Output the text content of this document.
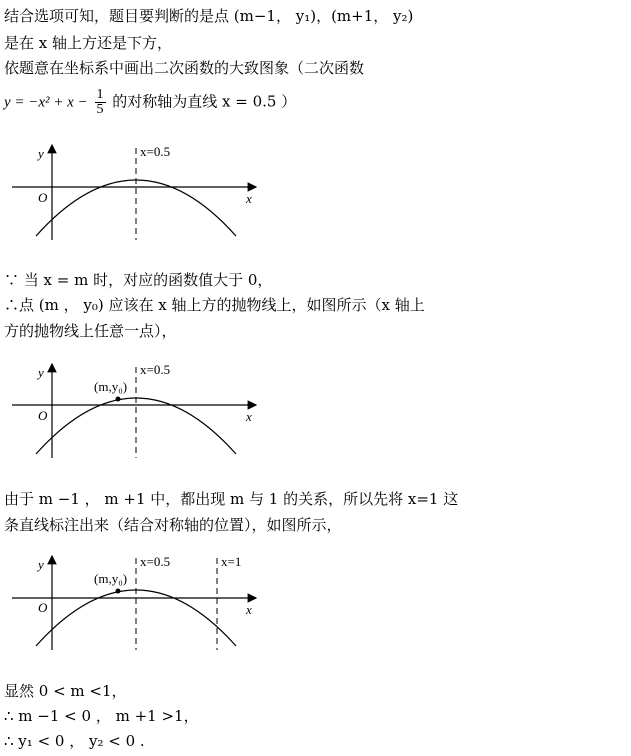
结合选项可知，题目要判断的是点 (m−1， y₁)，(m+1， y₂)
是在 x 轴上方还是下方，
依题意在坐标系中画出二次函数的大致图象（二次函数
$y = -x^2 + x - \frac{1}{5}$ 的对称轴为直线 x = 0.5 ）
y
x
O
x=0.5
y
x
O
x=0.5
(m,y₀)
y
x
O
x=0.5	x=1
(m,y₀)
∵ 当 x = m 时，对应的函数值大于 0，
∴点 (m ， y₀) 应该在 x 轴上方的抛物线上，如图所示（x 轴上
方的抛物线上任意一点），
由于 m −1 ， m +1 中，都出现 m 与 1 的关系，所以先将 x=1 这
条直线标注出来（结合对称轴的位置），如图所示，
显然 0 < m <1，
∴ m −1 < 0 ， m +1 >1，
∴ y₁ < 0 ， y₂ < 0 .
